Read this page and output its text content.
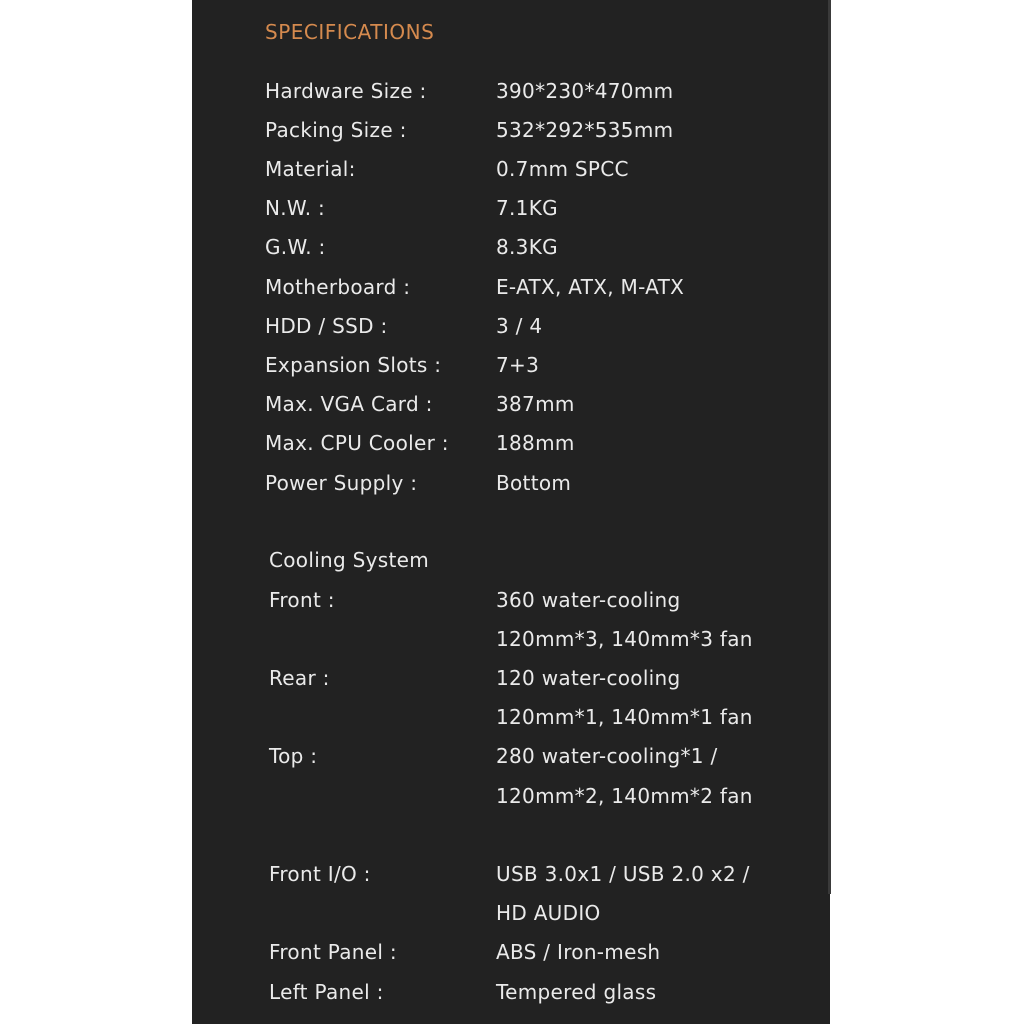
SPECIFICATIONS
Hardware Size :	390*230*470mm
Packing Size :	532*292*535mm
Material:	0.7mm SPCC
N.W. :	7.1KG
G.W. :	8.3KG
Motherboard :	E-ATX, ATX, M-ATX
HDD / SSD :	3 / 4
Expansion Slots :	7+3
Max. VGA Card :	387mm
Max. CPU Cooler : 188mm
Power Supply :	Bottom
Cooling System
Front :	360 water-cooling
120mm*3, 140mm*3 fan
Rear :	120 water-cooling
120mm*1, 140mm*1 fan
Top :	280 water-cooling*1 /
120mm*2, 140mm*2 fan
Front I/O :	USB 3.0x1 / USB 2.0 x2 /
HD AUDIO
Front Panel :	ABS / Iron-mesh
Left Panel :	Tempered glass
